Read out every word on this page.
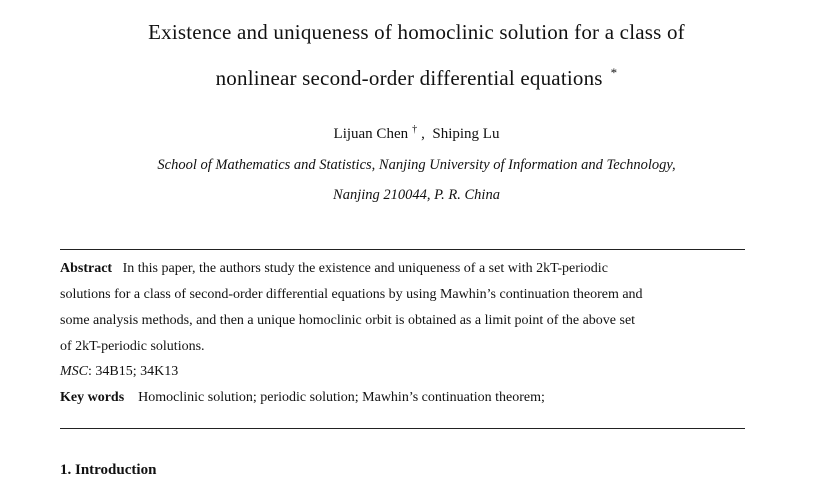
Existence and uniqueness of homoclinic solution for a class of
nonlinear second-order differential equations *
Lijuan Chen † , Shiping Lu
School of Mathematics and Statistics, Nanjing University of Information and Technology,
Nanjing 210044, P. R. China
Abstract In this paper, the authors study the existence and uniqueness of a set with 2kT-periodic
solutions for a class of second-order differential equations by using Mawhin’s continuation theorem and
some analysis methods, and then a unique homoclinic orbit is obtained as a limit point of the above set
of 2kT-periodic solutions.
MSC: 34B15; 34K13
Key words Homoclinic solution; periodic solution; Mawhin’s continuation theorem;
1. Introduction
